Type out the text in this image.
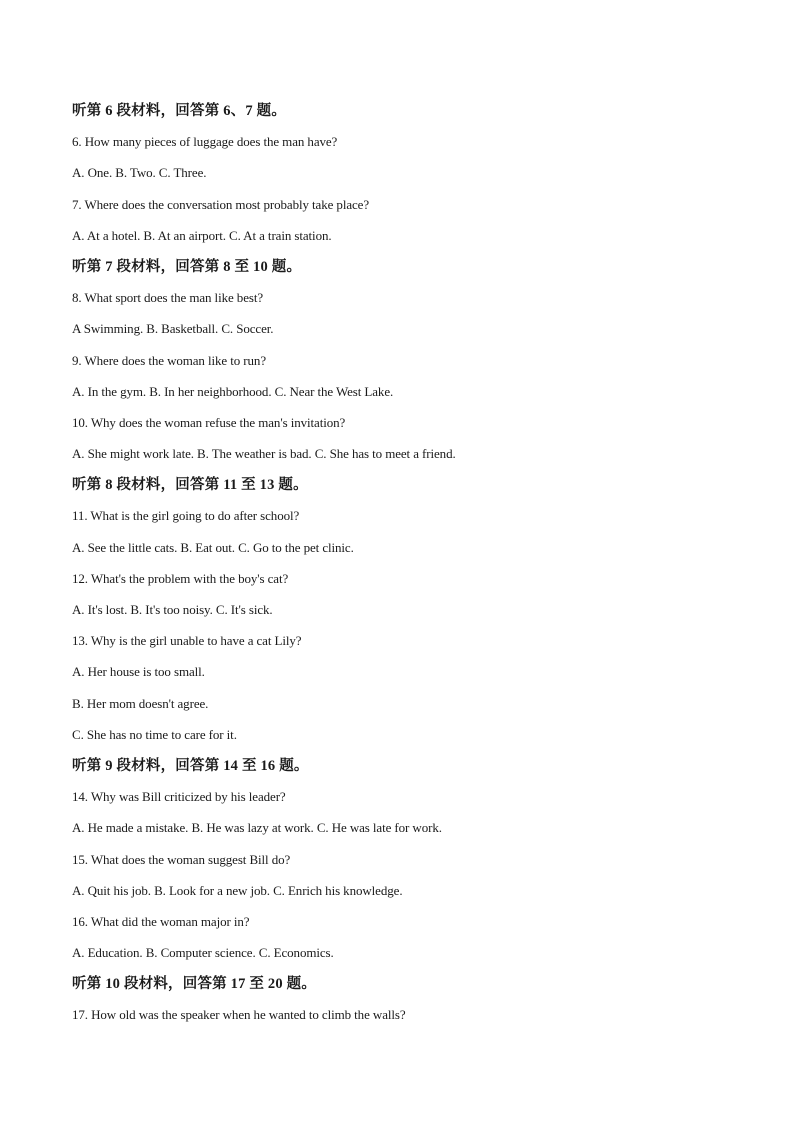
听第 6 段材料，回答第 6、7 题。
6. How many pieces of luggage does the man have?
A. One. B. Two. C. Three.
7. Where does the conversation most probably take place?
A. At a hotel. B. At an airport. C. At a train station.
听第 7 段材料，回答第 8 至 10 题。
8. What sport does the man like best?
A Swimming. B. Basketball. C. Soccer.
9. Where does the woman like to run?
A. In the gym. B. In her neighborhood. C. Near the West Lake.
10. Why does the woman refuse the man's invitation?
A. She might work late. B. The weather is bad. C. She has to meet a friend.
听第 8 段材料，回答第 11 至 13 题。
11. What is the girl going to do after school?
A. See the little cats. B. Eat out. C. Go to the pet clinic.
12. What's the problem with the boy's cat?
A. It's lost. B. It's too noisy. C. It's sick.
13. Why is the girl unable to have a cat Lily?
A. Her house is too small.
B. Her mom doesn't agree.
C. She has no time to care for it.
听第 9 段材料，回答第 14 至 16 题。
14. Why was Bill criticized by his leader?
A. He made a mistake. B. He was lazy at work. C. He was late for work.
15. What does the woman suggest Bill do?
A. Quit his job. B. Look for a new job. C. Enrich his knowledge.
16. What did the woman major in?
A. Education. B. Computer science. C. Economics.
听第 10 段材料，回答第 17 至 20 题。
17. How old was the speaker when he wanted to climb the walls?
